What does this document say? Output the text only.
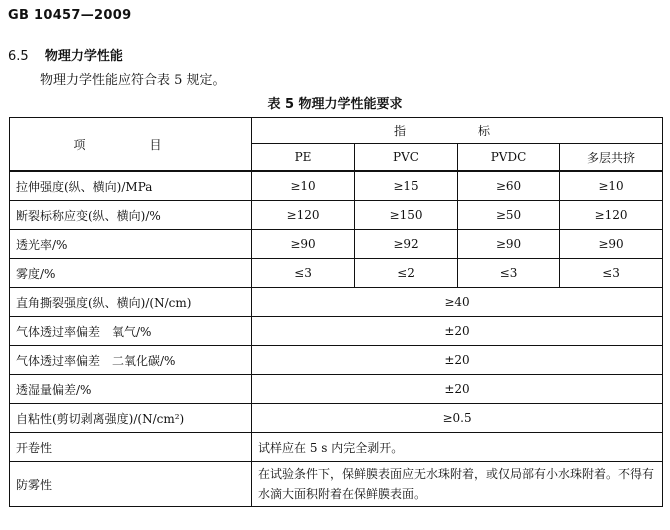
GB 10457—2009
6.5 物理力学性能
物理力学性能应符合表 5 规定。
表 5 物理力学性能要求
项　目	指　标			
	PE	PVC	PVDC	多层共挤
拉伸强度(纵、横向)/MPa	≥10	≥15	≥60	≥10
断裂标称应变(纵、横向)/%	≥120	≥150	≥50	≥120
透光率/%	≥90	≥92	≥90	≥90
雾度/%	≤3	≤2	≤3	≤3
直角撕裂强度(纵、横向)/(N/cm)	≥40			
气体透过率偏差　氧气/%	±20			
气体透过率偏差　二氧化碳/%	±20			
透湿量偏差/%	±20			
自粘性(剪切剥离强度)/(N/cm²)	≥0.5			
开卷性	试样应在 5 s 内完全剥开。			
防雾性	在试验条件下，保鲜膜表面应无水珠附着，或仅局部有小水珠附着。不得有水滴大面积附着在保鲜膜表面。			
